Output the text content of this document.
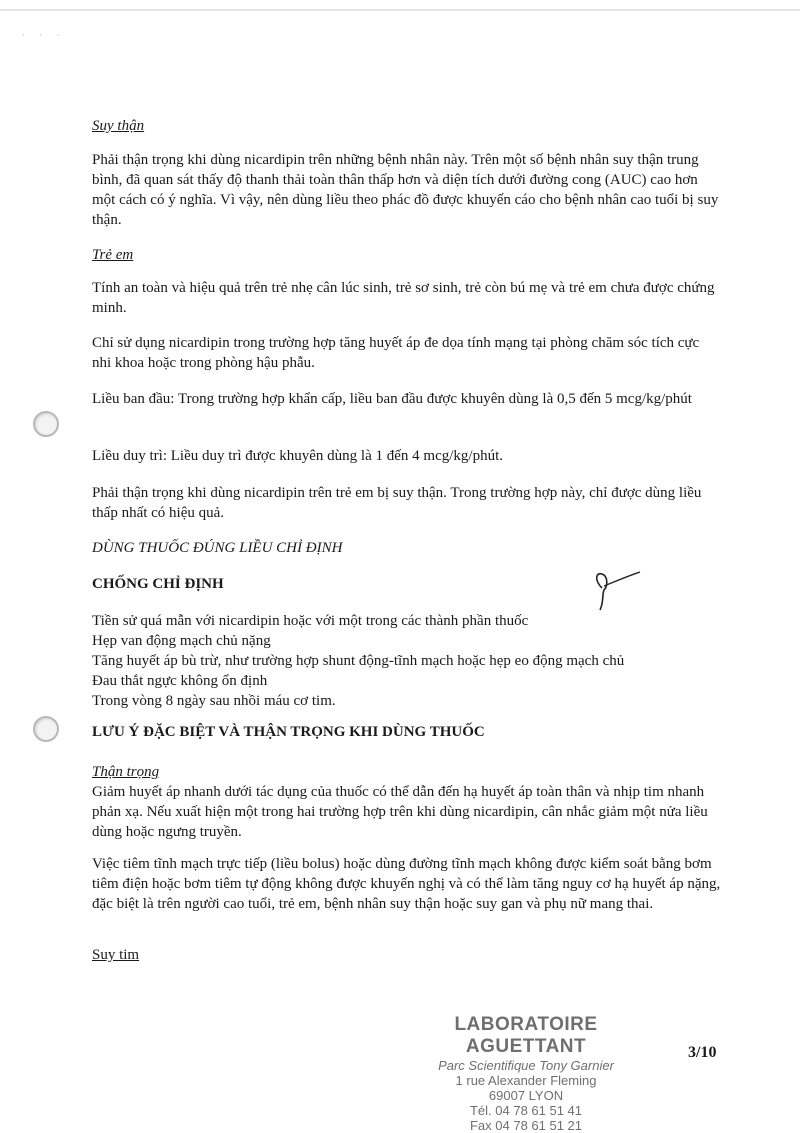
· · ·

Suy thận

Phải thận trọng khi dùng nicardipin trên những bệnh nhân này. Trên một số bệnh nhân suy thận trung bình, đã quan sát thấy độ thanh thải toàn thân thấp hơn và diện tích dưới đường cong (AUC) cao hơn một cách có ý nghĩa. Vì vậy, nên dùng liều theo phác đồ được khuyến cáo cho bệnh nhân cao tuổi bị suy thận.

Trẻ em

Tính an toàn và hiệu quả trên trẻ nhẹ cân lúc sinh, trẻ sơ sinh, trẻ còn bú mẹ và trẻ em chưa được chứng minh.

Chỉ sử dụng nicardipin trong trường hợp tăng huyết áp đe dọa tính mạng tại phòng chăm sóc tích cực nhi khoa hoặc trong phòng hậu phẫu.

Liều ban đầu: Trong trường hợp khẩn cấp, liều ban đầu được khuyên dùng là 0,5 đến 5 mcg/kg/phút

Liều duy trì: Liều duy trì được khuyên dùng là 1 đến 4 mcg/kg/phút.

Phải thận trọng khi dùng nicardipin trên trẻ em bị suy thận. Trong trường hợp này, chỉ được dùng liều thấp nhất có hiệu quả.

DÙNG THUỐC ĐÚNG LIỀU CHỈ ĐỊNH

CHỐNG CHỈ ĐỊNH

Tiền sử quá mẫn với nicardipin hoặc với một trong các thành phần thuốc

Hẹp van động mạch chủ nặng

Tăng huyết áp bù trừ, như trường hợp shunt động-tĩnh mạch hoặc hẹp eo động mạch chủ

Đau thắt ngực không ổn định

Trong vòng 8 ngày sau nhồi máu cơ tim.

LƯU Ý ĐẶC BIỆT VÀ THẬN TRỌNG KHI DÙNG THUỐC

Thận trọng

Giảm huyết áp nhanh dưới tác dụng của thuốc có thể dẫn đến hạ huyết áp toàn thân và nhịp tim nhanh phản xạ. Nếu xuất hiện một trong hai trường hợp trên khi dùng nicardipin, cân nhắc giảm một nửa liều dùng hoặc ngưng truyền.

Việc tiêm tĩnh mạch trực tiếp (liều bolus) hoặc dùng đường tĩnh mạch không được kiểm soát bằng bơm tiêm điện hoặc bơm tiêm tự động không được khuyến nghị và có thể làm tăng nguy cơ hạ huyết áp nặng, đặc biệt là trên người cao tuổi, trẻ em, bệnh nhân suy thận hoặc suy gan và phụ nữ mang thai.

Suy tim

LABORATOIRE AGUETTANT
Parc Scientifique Tony Garnier
1 rue Alexander Fleming
69007 LYON
Tél. 04 78 61 51 41
Fax 04 78 61 51 21
3/10
